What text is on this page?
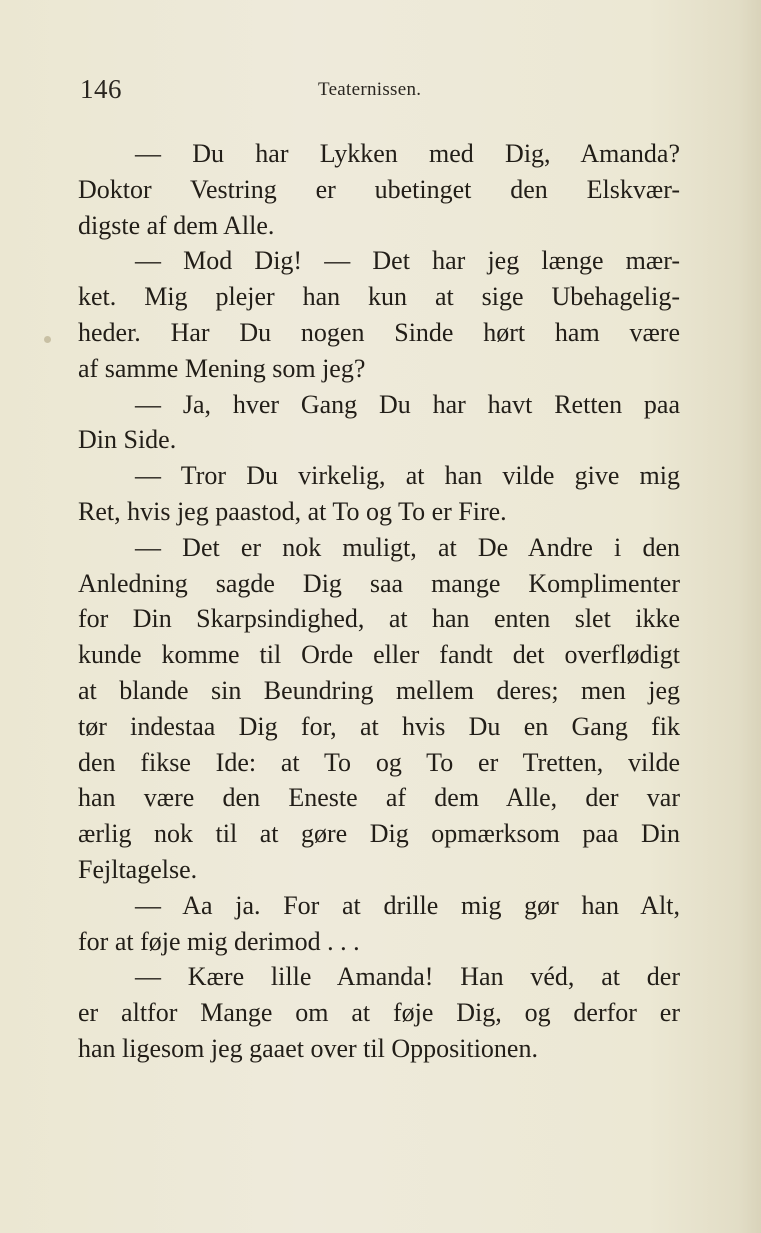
146	Teaternissen.
— Du har Lykken med Dig, Amanda?
Doktor Vestring er ubetinget den Elskvær-
digste af dem Alle.
— Mod Dig! — Det har jeg længe mær-
ket. Mig plejer han kun at sige Ubehagelig-
heder. Har Du nogen Sinde hørt ham være
af samme Mening som jeg?
— Ja, hver Gang Du har havt Retten paa
Din Side.
— Tror Du virkelig, at han vilde give mig
Ret, hvis jeg paastod, at To og To er Fire.
— Det er nok muligt, at De Andre i den
Anledning sagde Dig saa mange Komplimenter
for Din Skarpsindighed, at han enten slet ikke
kunde komme til Orde eller fandt det overflødigt
at blande sin Beundring mellem deres; men jeg
tør indestaa Dig for, at hvis Du en Gang fik
den fikse Ide: at To og To er Tretten, vilde
han være den Eneste af dem Alle, der var
ærlig nok til at gøre Dig opmærksom paa Din
Fejltagelse.
— Aa ja. For at drille mig gør han Alt,
for at føje mig derimod . . .
— Kære lille Amanda! Han véd, at der
er altfor Mange om at føje Dig, og derfor er
han ligesom jeg gaaet over til Oppositionen.
